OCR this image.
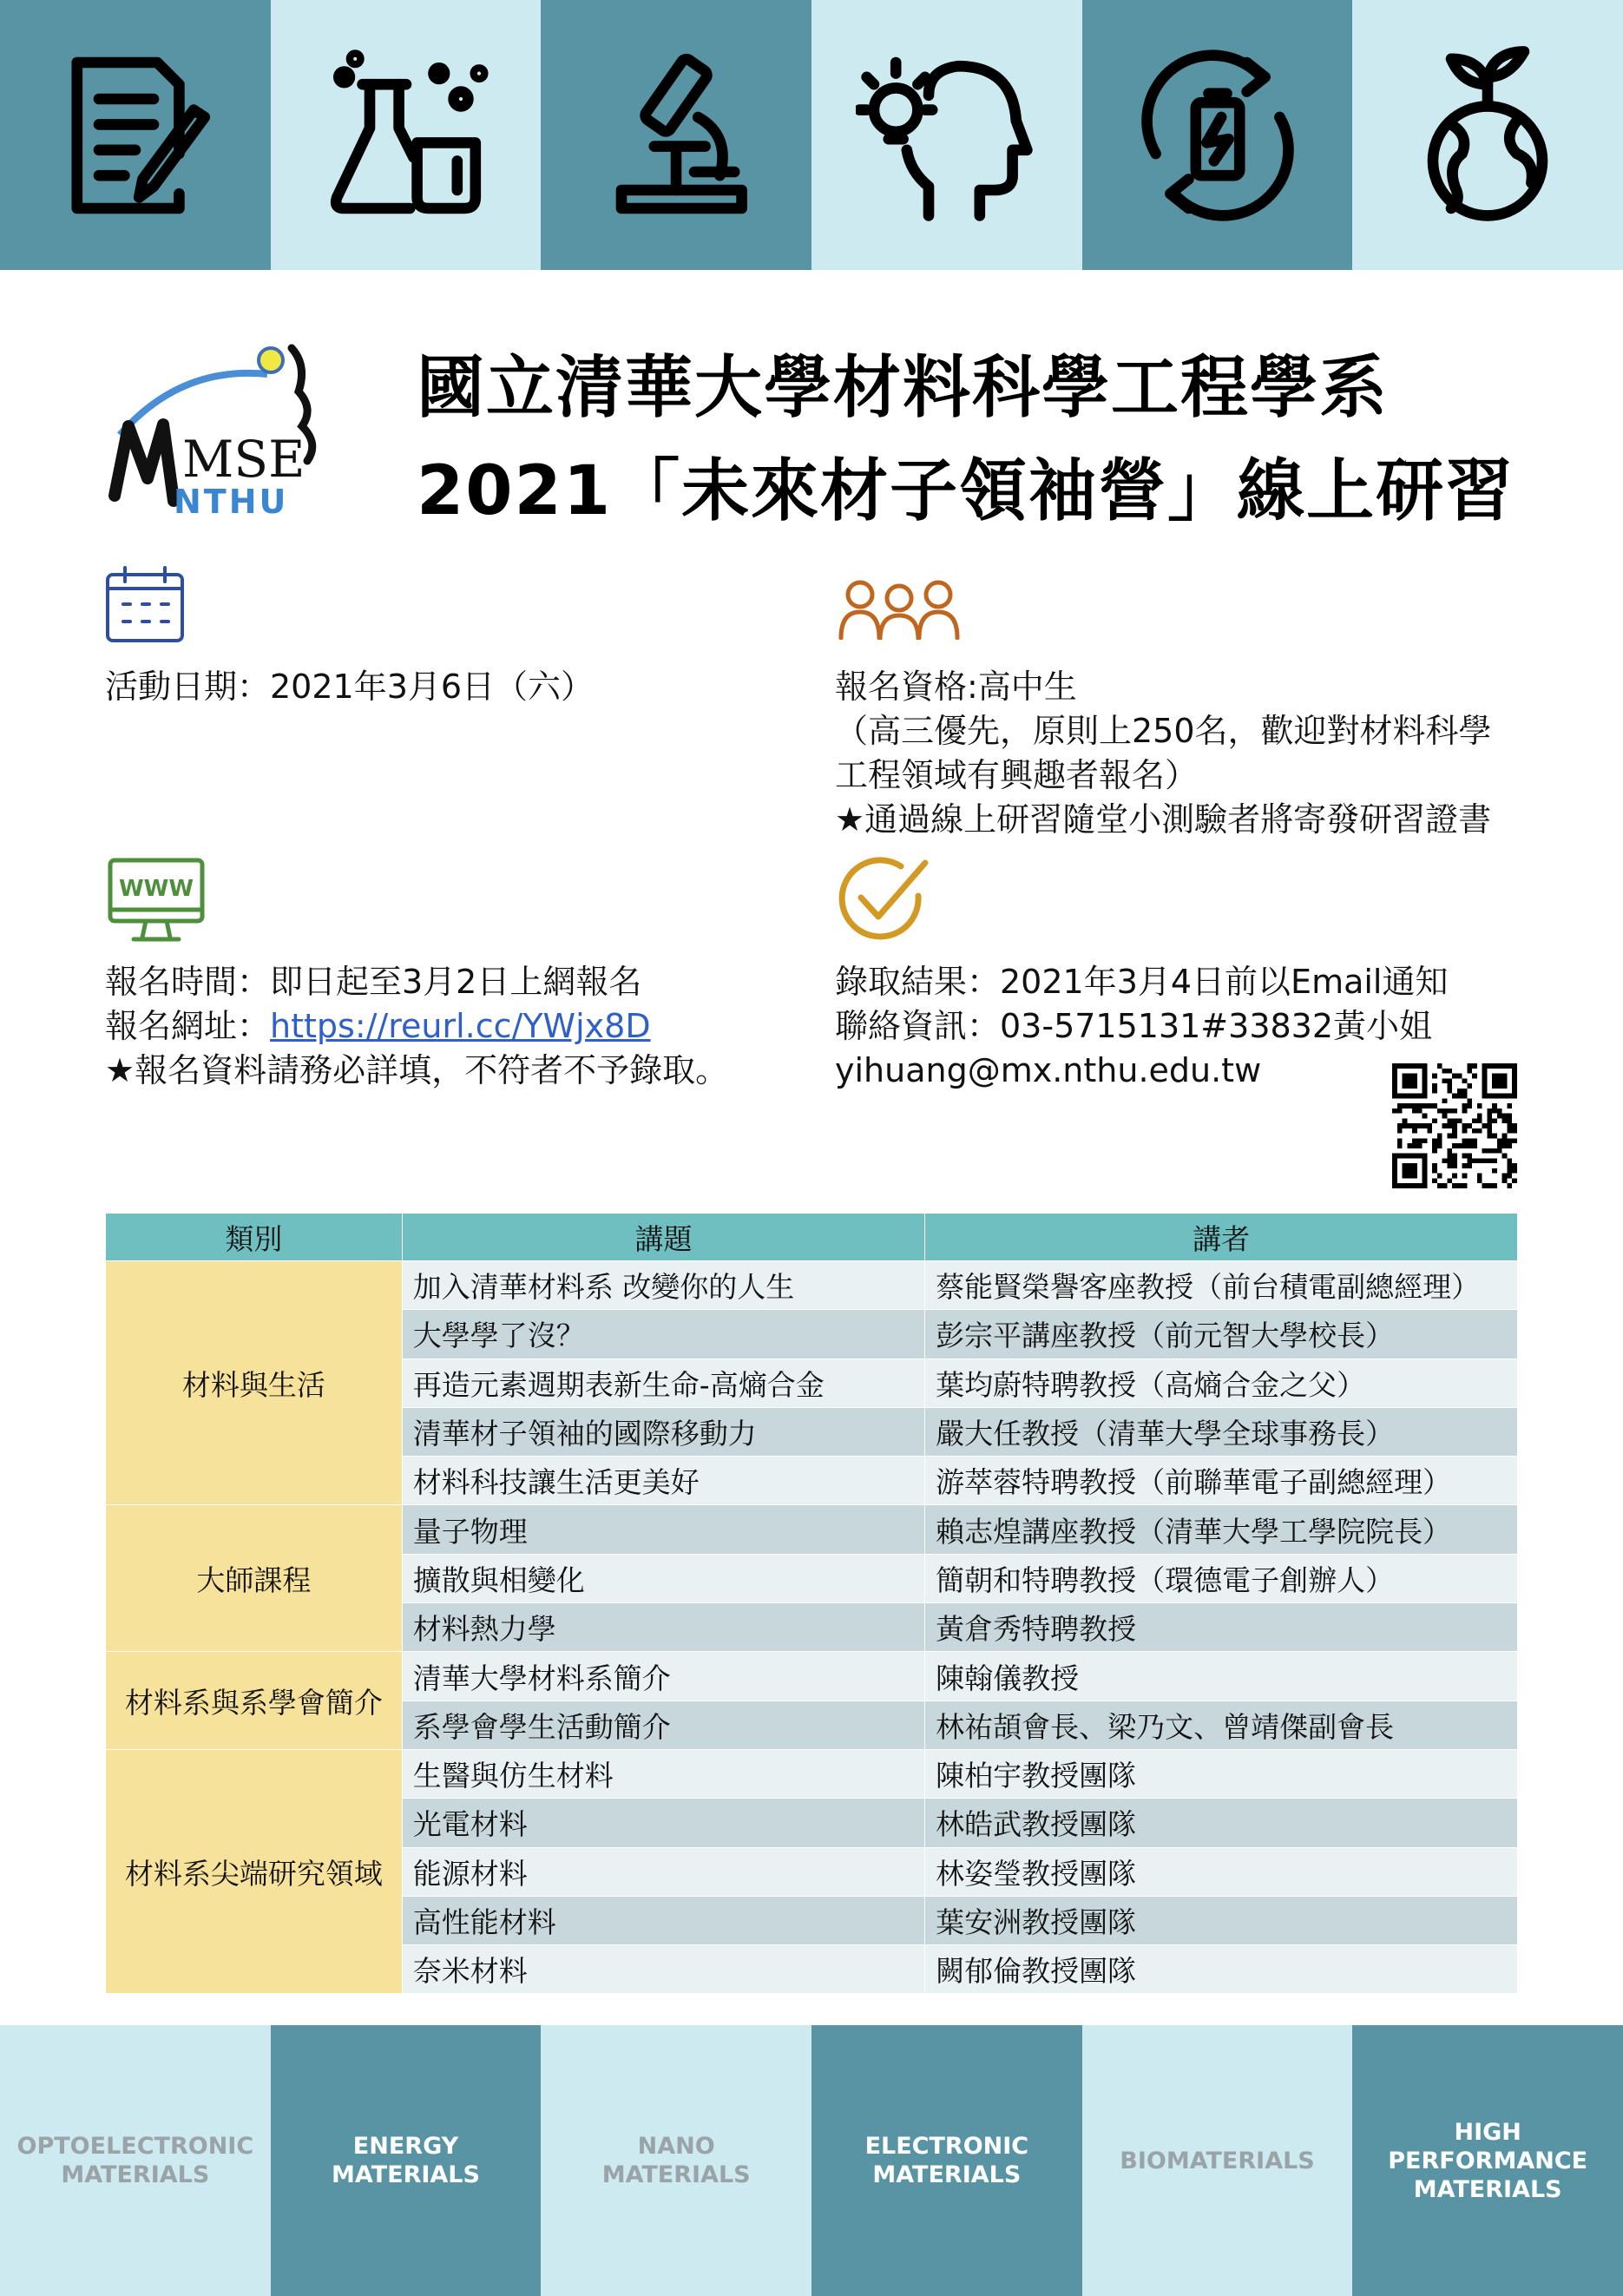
MSE
NTHU
國立清華大學材料科學工程學系
2021「未來材子領袖營」線上研習
活動日期：2021年3月6日（六）	報名資格:高中生
（高三優先，原則上250名，歡迎對材料科學
工程領域有興趣者報名）
★通過線上研習隨堂小測驗者將寄發研習證書
WWW
報名時間：即日起至3月2日上網報名
報名網址：https://reurl.cc/YWjx8D
★報名資料請務必詳填，不符者不予錄取。
錄取結果：2021年3月4日前以Email通知
聯絡資訊：03-5715131#33832黃小姐
yihuang@mx.nthu.edu.tw
類別	講題	講者
材料與生活	加入清華材料系 改變你的人生	蔡能賢榮譽客座教授（前台積電副總經理）
	大學學了沒？	彭宗平講座教授（前元智大學校長）
	再造元素週期表新生命-高熵合金	葉均蔚特聘教授（高熵合金之父）
	清華材子領袖的國際移動力	嚴大任教授（清華大學全球事務長）
	材料科技讓生活更美好	游萃蓉特聘教授（前聯華電子副總經理）
大師課程	量子物理	賴志煌講座教授（清華大學工學院院長）
	擴散與相變化	簡朝和特聘教授（環德電子創辦人）
	材料熱力學	黃倉秀特聘教授
材料系與系學會簡介	清華大學材料系簡介	陳翰儀教授
	系學會學生活動簡介	林祐頡會長、梁乃文、曾靖傑副會長
材料系尖端研究領域	生醫與仿生材料	陳柏宇教授團隊
	光電材料	林皓武教授團隊
	能源材料	林姿瑩教授團隊
	高性能材料	葉安洲教授團隊
	奈米材料	闕郁倫教授團隊
OPTOELECTRONIC
MATERIALS
ENERGY
MATERIALS
NANO
MATERIALS
ELECTRONIC
MATERIALS
BIOMATERIALS
HIGH
PERFORMANCE
MATERIALS
